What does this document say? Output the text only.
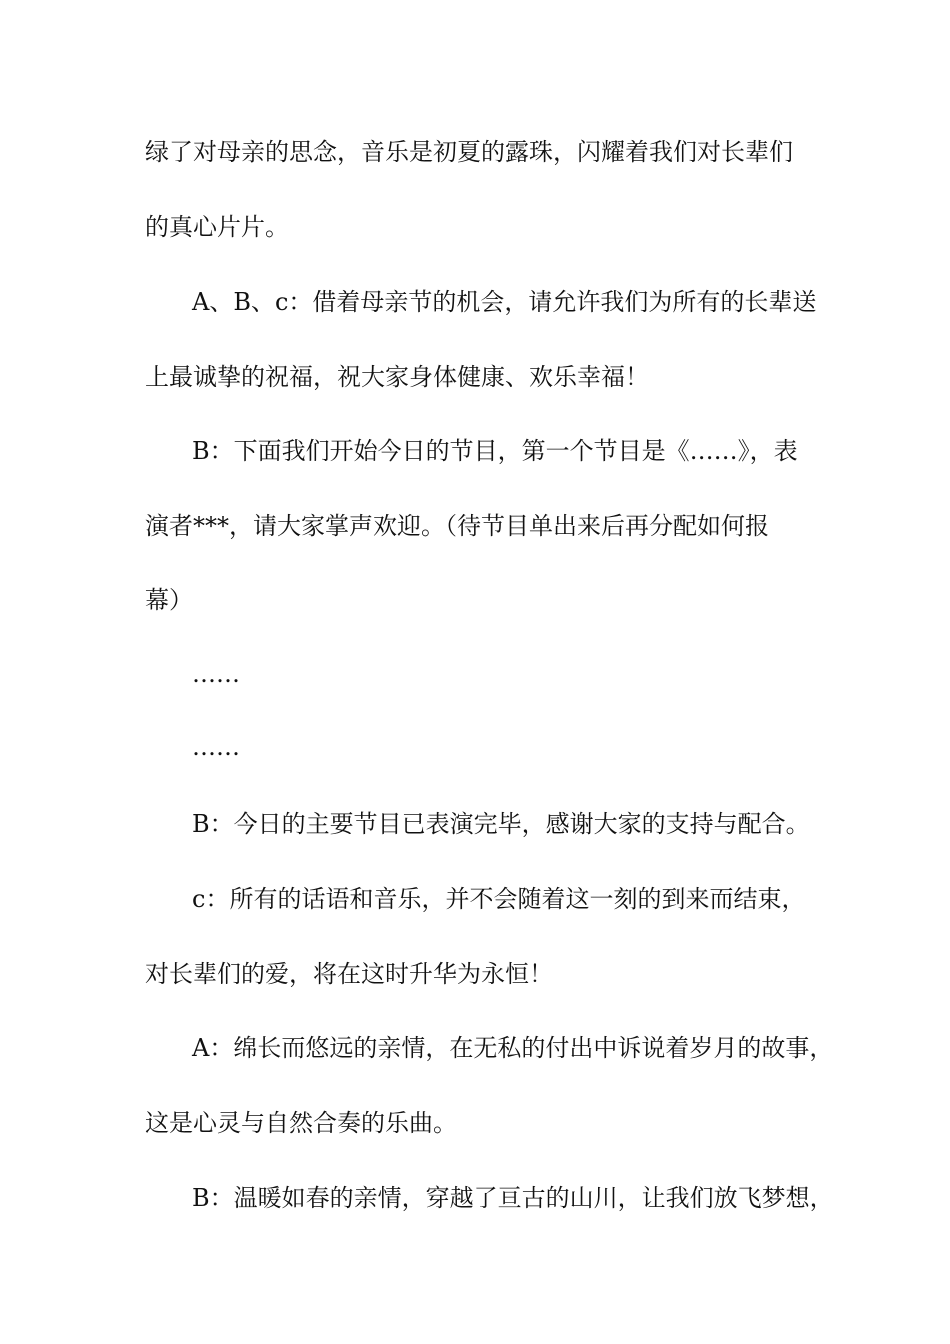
绿了对母亲的思念，音乐是初夏的露珠，闪耀着我们对长辈们
的真心片片。
A、B、c：借着母亲节的机会，请允许我们为所有的长辈送
上最诚挚的祝福，祝大家身体健康、欢乐幸福！
B：下面我们开始今日的节目，第一个节目是《……》，表
演者***，请大家掌声欢迎。（待节目单出来后再分配如何报
幕）
……
……
B：今日的主要节目已表演完毕，感谢大家的支持与配合。
c：所有的话语和音乐，并不会随着这一刻的到来而结束，
对长辈们的爱，将在这时升华为永恒！
A：绵长而悠远的亲情，在无私的付出中诉说着岁月的故事，
这是心灵与自然合奏的乐曲。
B：温暖如春的亲情，穿越了亘古的山川，让我们放飞梦想，
